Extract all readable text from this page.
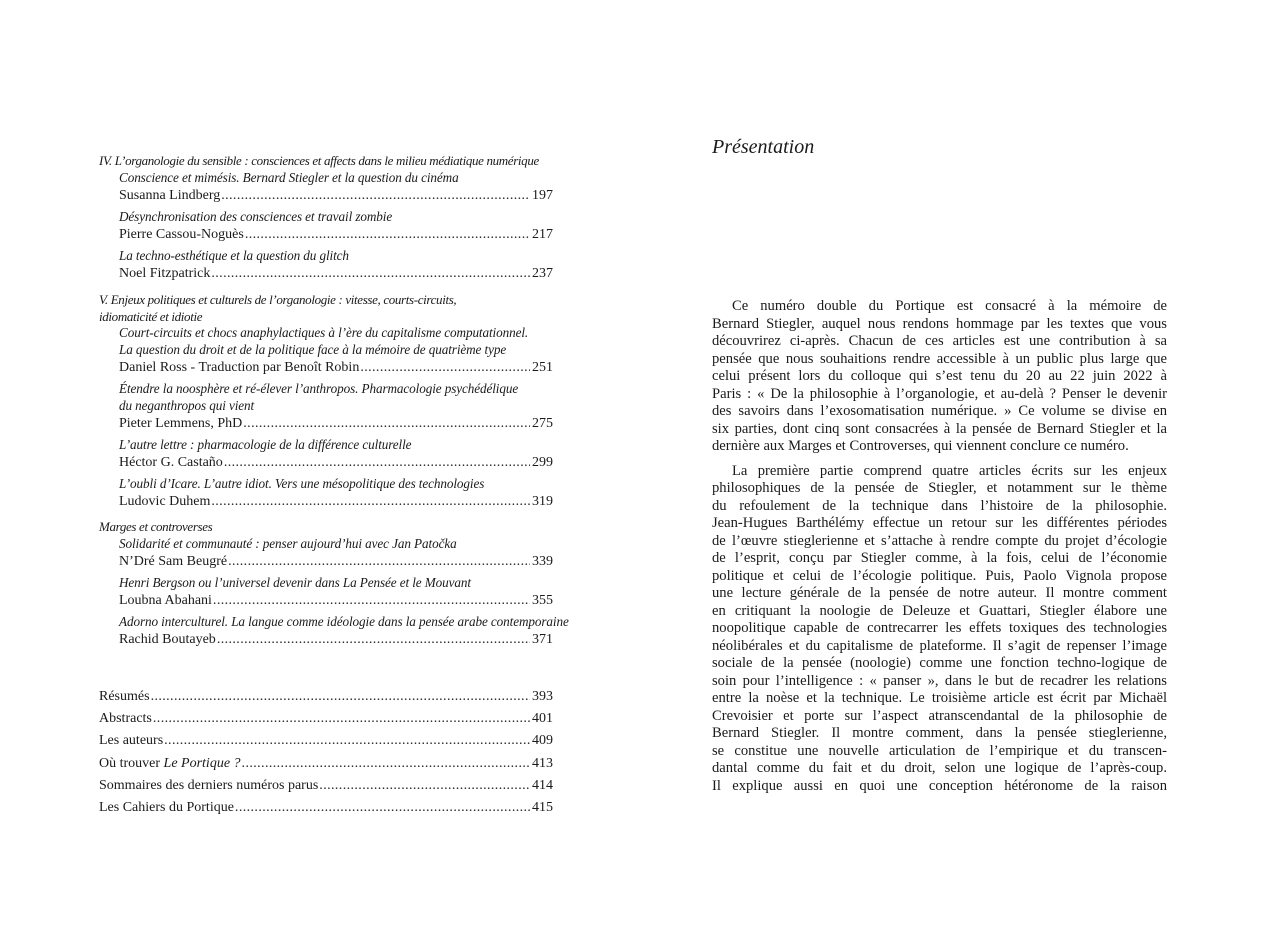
IV. L’organologie du sensible : consciences et affects dans le milieu médiatique numérique
Conscience et mimésis. Bernard Stiegler et la question du cinéma
Susanna Lindberg .....	197
Désynchronisation des consciences et travail zombie
Pierre Cassou-Noguès .....	217
La techno-esthétique et la question du glitch
Noel Fitzpatrick .....	237
V. Enjeux politiques et culturels de l’organologie : vitesse, courts-circuits,
idiomaticité et idiotie
Court-circuits et chocs anaphylactiques à l’ère du capitalisme computationnel.
La question du droit et de la politique face à la mémoire de quatrième type
Daniel Ross - Traduction par Benoît Robin .....	251
Étendre la noosphère et ré-élever l’anthropos. Pharmacologie psychédélique
du neganthropos qui vient
Pieter Lemmens, PhD .....	275
L’autre lettre : pharmacologie de la différence culturelle
Héctor G. Castaño .....	299
L’oubli d’Icare. L’autre idiot. Vers une mésopolitique des technologies
Ludovic Duhem .....	319
Marges et controverses
Solidarité et communauté : penser aujourd’hui avec Jan Patočka
N’Dré Sam Beugré .....	339
Henri Bergson ou l’universel devenir dans La Pensée et le Mouvant
Loubna Abahani .....	355
Adorno interculturel. La langue comme idéologie dans la pensée arabe contemporaine
Rachid Boutayeb .....	371
Résumés .....	393
Abstracts .....	401
Les auteurs .....	409
Où trouver Le Portique ? .....	413
Sommaires des derniers numéros parus .....	414
Les Cahiers du Portique .....	415
Présentation
Ce numéro double du Portique est consacré à la mémoire de
Bernard Stiegler, auquel nous rendons hommage par les textes que vous
découvrirez ci-après. Chacun de ces articles est une contribution à sa
pensée que nous souhaitions rendre accessible à un public plus large que
celui présent lors du colloque qui s’est tenu du 20 au 22 juin 2022 à
Paris : « De la philosophie à l’organologie, et au-delà ? Penser le devenir
des savoirs dans l’exosomatisation numérique. » Ce volume se divise en
six parties, dont cinq sont consacrées à la pensée de Bernard Stiegler et la
dernière aux Marges et Controverses, qui viennent conclure ce numéro.
La première partie comprend quatre articles écrits sur les enjeux
philosophiques de la pensée de Stiegler, et notamment sur le thème
du refoulement de la technique dans l’histoire de la philosophie.
Jean-Hugues Barthélémy effectue un retour sur les différentes périodes
de l’œuvre stieglerienne et s’attache à rendre compte du projet d’écologie
de l’esprit, conçu par Stiegler comme, à la fois, celui de l’économie
politique et celui de l’écologie politique. Puis, Paolo Vignola propose
une lecture générale de la pensée de notre auteur. Il montre comment
en critiquant la noologie de Deleuze et Guattari, Stiegler élabore une
noopolitique capable de contrecarrer les effets toxiques des technologies
néolibérales et du capitalisme de plateforme. Il s’agit de repenser l’image
sociale de la pensée (noologie) comme une fonction techno-logique de
soin pour l’intelligence : « panser », dans le but de recadrer les relations
entre la noèse et la technique. Le troisième article est écrit par Michaël
Crevoisier et porte sur l’aspect atranscendantal de la philosophie de
Bernard Stiegler. Il montre comment, dans la pensée stieglerienne,
se constitue une nouvelle articulation de l’empirique et du transcen-
dantal comme du fait et du droit, selon une logique de l’après-coup.
Il explique aussi en quoi une conception hétéronome de la raison
